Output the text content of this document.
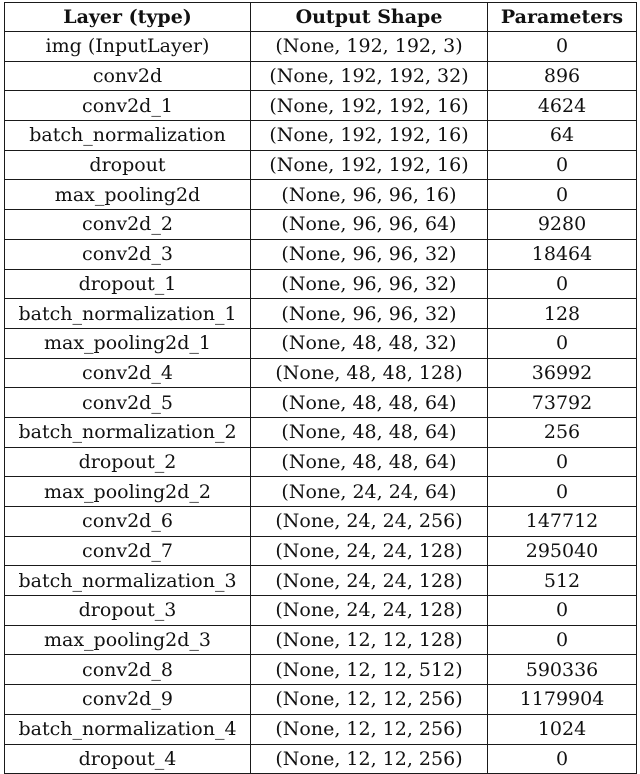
Layer (type)	Output Shape	Parameters
img (InputLayer)	(None, 192, 192, 3)	0
conv2d	(None, 192, 192, 32)	896
conv2d_1	(None, 192, 192, 16)	4624
batch_normalization	(None, 192, 192, 16)	64
dropout	(None, 192, 192, 16)	0
max_pooling2d	(None, 96, 96, 16)	0
conv2d_2	(None, 96, 96, 64)	9280
conv2d_3	(None, 96, 96, 32)	18464
dropout_1	(None, 96, 96, 32)	0
batch_normalization_1	(None, 96, 96, 32)	128
max_pooling2d_1	(None, 48, 48, 32)	0
conv2d_4	(None, 48, 48, 128)	36992
conv2d_5	(None, 48, 48, 64)	73792
batch_normalization_2	(None, 48, 48, 64)	256
dropout_2	(None, 48, 48, 64)	0
max_pooling2d_2	(None, 24, 24, 64)	0
conv2d_6	(None, 24, 24, 256)	147712
conv2d_7	(None, 24, 24, 128)	295040
batch_normalization_3	(None, 24, 24, 128)	512
dropout_3	(None, 24, 24, 128)	0
max_pooling2d_3	(None, 12, 12, 128)	0
conv2d_8	(None, 12, 12, 512)	590336
conv2d_9	(None, 12, 12, 256)	1179904
batch_normalization_4	(None, 12, 12, 256)	1024
dropout_4	(None, 12, 12, 256)	0
